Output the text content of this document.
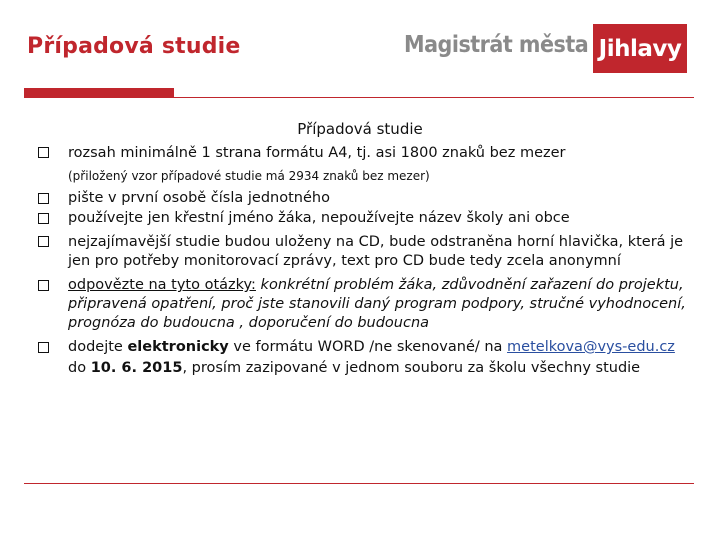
Případová studie	Magistrát města Jihlavy
Případová studie
rozsah minimálně 1 strana formátu A4, tj. asi 1800 znaků bez mezer
(přiložený vzor případové studie má 2934 znaků bez mezer)
pište v první osobě čísla jednotného
používejte jen křestní jméno žáka, nepoužívejte název školy ani obce
nejzajímavější studie budou uloženy na CD, bude odstraněna horní hlavička, která je
jen pro potřeby monitorovací zprávy, text pro CD bude tedy zcela anonymní
odpovězte na tyto otázky: konkrétní problém žáka, zdůvodnění zařazení do projektu,
připravená opatření, proč jste stanovili daný program podpory, stručné vyhodnocení,
prognóza do budoucna , doporučení do budoucna
dodejte elektronicky ve formátu WORD /ne skenované/ na metelkova@vys-edu.cz
do 10. 6. 2015, prosím zazipované v jednom souboru za školu všechny studie
